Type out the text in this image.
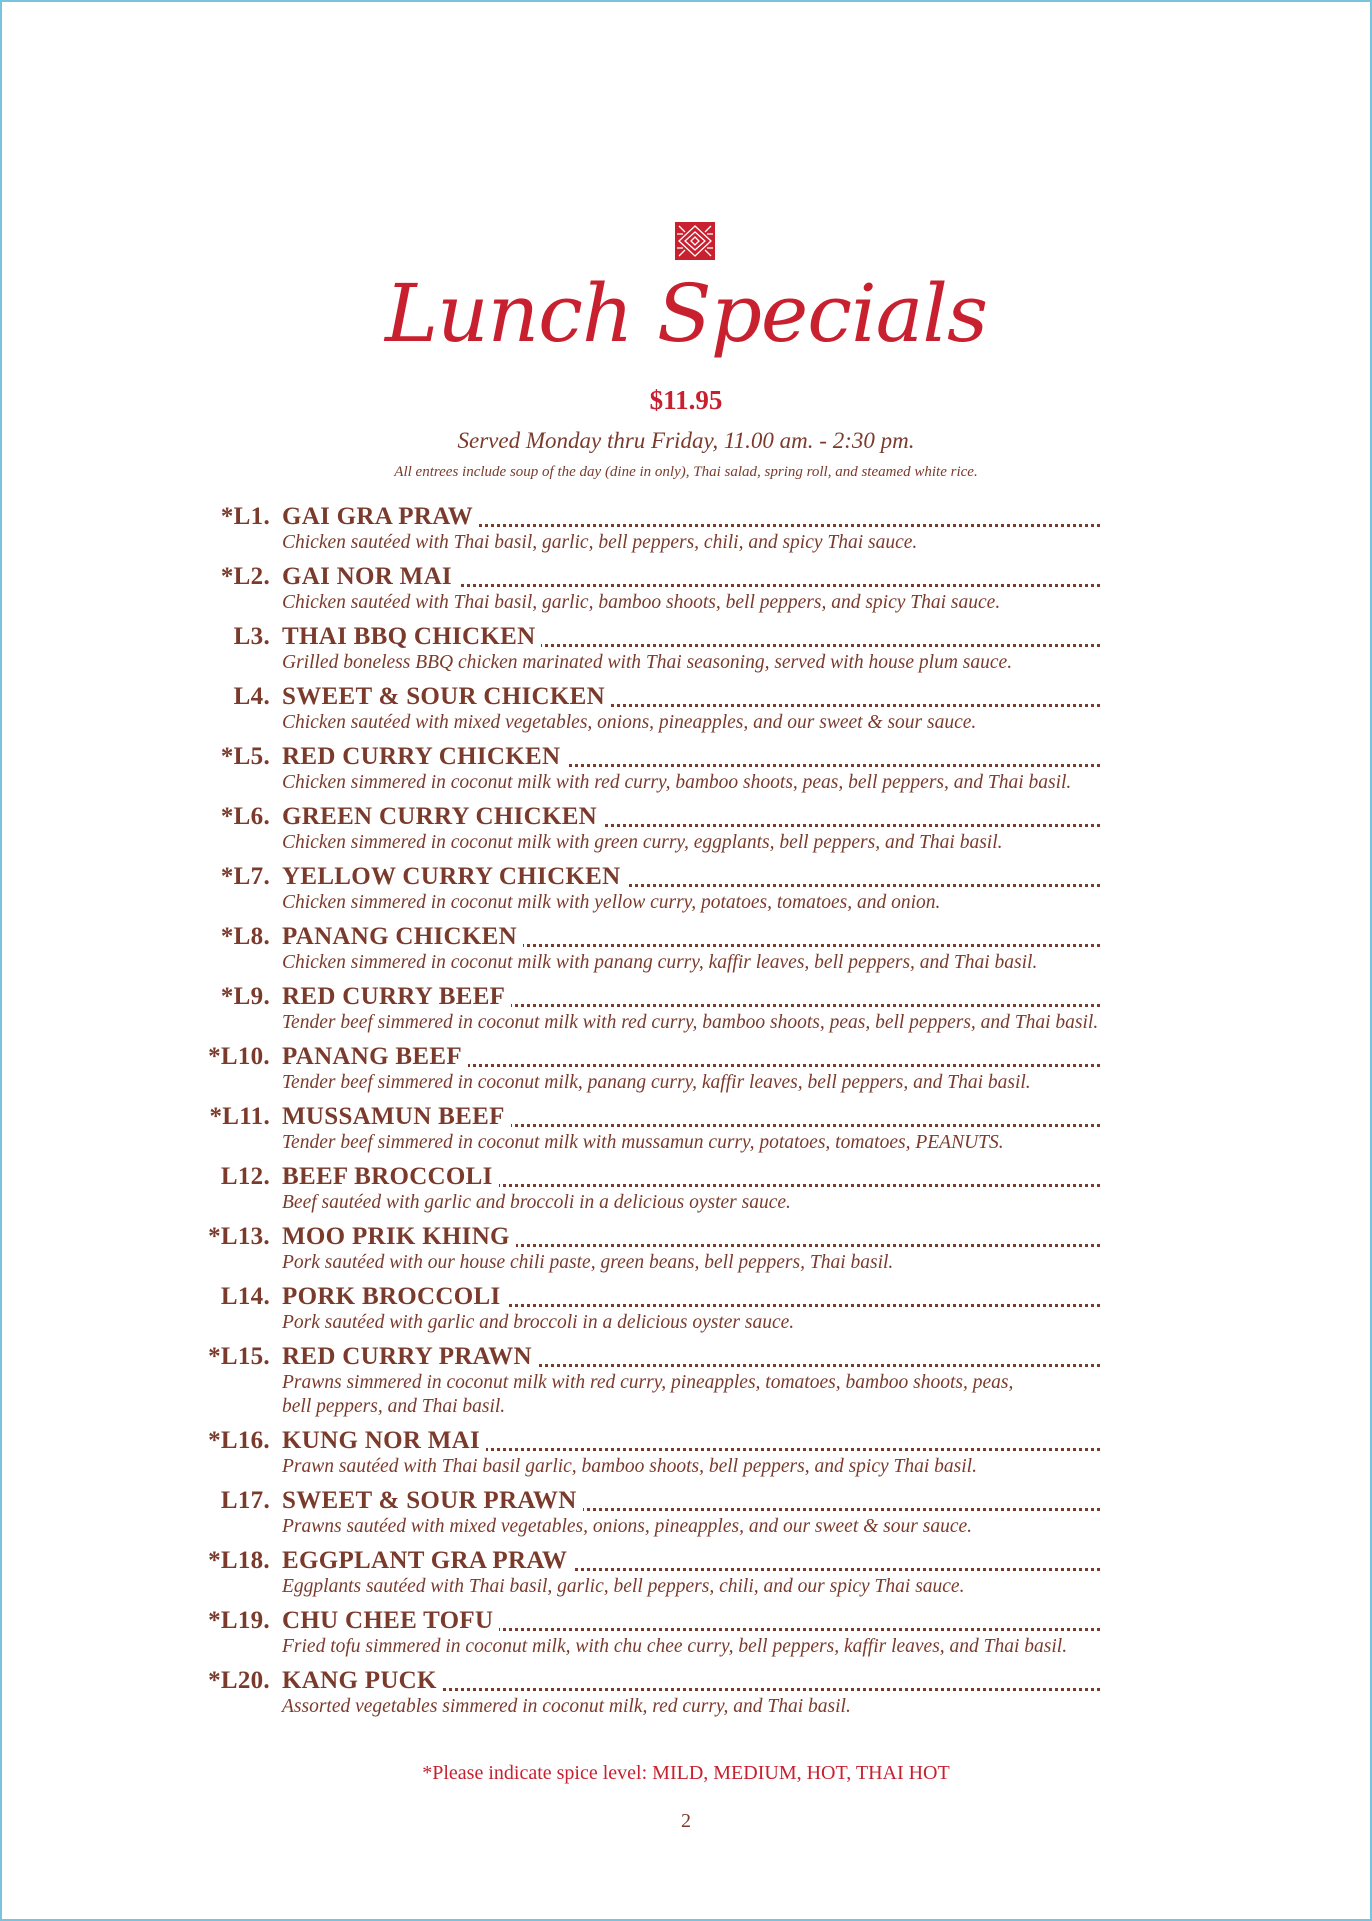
Lunch Specials
$11.95
Served Monday thru Friday, 11.00 am. - 2:30 pm.
All entrees include soup of the day (dine in only), Thai salad, spring roll, and steamed white rice.
*L1. GAI GRA PRAW
Chicken sautéed with Thai basil, garlic, bell peppers, chili, and spicy Thai sauce.
*L2. GAI NOR MAI
Chicken sautéed with Thai basil, garlic, bamboo shoots, bell peppers, and spicy Thai sauce.
L3. THAI BBQ CHICKEN
Grilled boneless BBQ chicken marinated with Thai seasoning, served with house plum sauce.
L4. SWEET & SOUR CHICKEN
Chicken sautéed with mixed vegetables, onions, pineapples, and our sweet & sour sauce.
*L5. RED CURRY CHICKEN
Chicken simmered in coconut milk with red curry, bamboo shoots, peas, bell peppers, and Thai basil.
*L6. GREEN CURRY CHICKEN
Chicken simmered in coconut milk with green curry, eggplants, bell peppers, and Thai basil.
*L7. YELLOW CURRY CHICKEN
Chicken simmered in coconut milk with yellow curry, potatoes, tomatoes, and onion.
*L8. PANANG CHICKEN
Chicken simmered in coconut milk with panang curry, kaffir leaves, bell peppers, and Thai basil.
*L9. RED CURRY BEEF
Tender beef simmered in coconut milk with red curry, bamboo shoots, peas, bell peppers, and Thai basil.
*L10. PANANG BEEF
Tender beef simmered in coconut milk, panang curry, kaffir leaves, bell peppers, and Thai basil.
*L11. MUSSAMUN BEEF
Tender beef simmered in coconut milk with mussamun curry, potatoes, tomatoes, PEANUTS.
L12. BEEF BROCCOLI
Beef sautéed with garlic and broccoli in a delicious oyster sauce.
*L13. MOO PRIK KHING
Pork sautéed with our house chili paste, green beans, bell peppers, Thai basil.
L14. PORK BROCCOLI
Pork sautéed with garlic and broccoli in a delicious oyster sauce.
*L15. RED CURRY PRAWN
Prawns simmered in coconut milk with red curry, pineapples, tomatoes, bamboo shoots, peas,
bell peppers, and Thai basil.
*L16. KUNG NOR MAI
Prawn sautéed with Thai basil garlic, bamboo shoots, bell peppers, and spicy Thai basil.
L17. SWEET & SOUR PRAWN
Prawns sautéed with mixed vegetables, onions, pineapples, and our sweet & sour sauce.
*L18. EGGPLANT GRA PRAW
Eggplants sautéed with Thai basil, garlic, bell peppers, chili, and our spicy Thai sauce.
*L19. CHU CHEE TOFU
Fried tofu simmered in coconut milk, with chu chee curry, bell peppers, kaffir leaves, and Thai basil.
*L20. KANG PUCK
Assorted vegetables simmered in coconut milk, red curry, and Thai basil.
*Please indicate spice level: MILD, MEDIUM, HOT, THAI HOT
2
